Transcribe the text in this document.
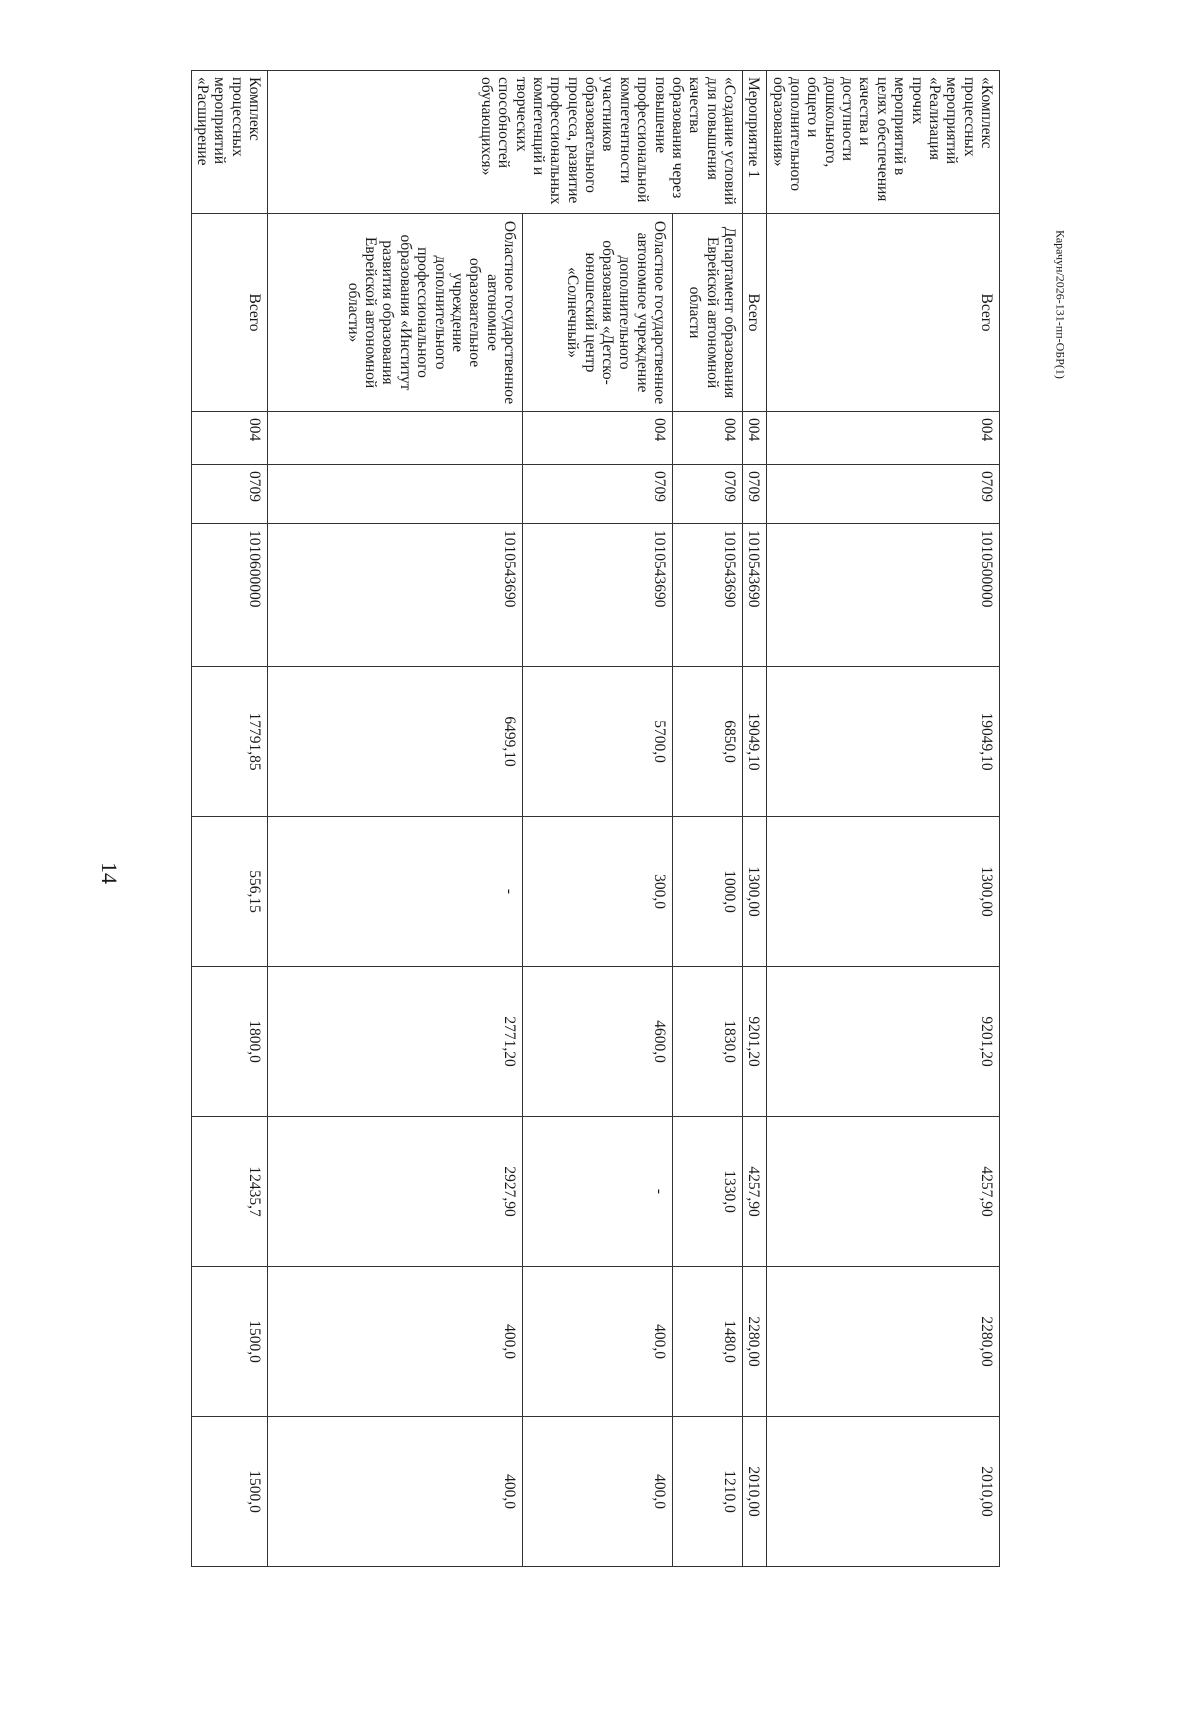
14
Карачун/2026-131-пп-ОБР(1)
«Комплекс процессных мероприятий «Реализация прочих мероприятий в целях обеспечения качества и доступности дошкольного, общего и дополнительного образования»	Всего	004	0709	1010500000	19049,10	1300,00	9201,20	4257,90	2280,00	2010,00
Мероприятие 1	Всего	004	0709	1010543690	19049,10	1300,00	9201,20	4257,90	2280,00	2010,00
«Создание условий для повышения качества образования через повышение профессиональной компетентности участников образовательного процесса, развитие профессиональных компетенций и творческих способностей обучающихся»	Департамент образования Еврейской автономной области	004	0709	1010543690	6850,0	1000,0	1830,0	1330,0	1480,0	1210,0
	Областное государственное автономное учреждение дополнительного образования «Детско-юношеский центр «Солнечный»	004	0709	1010543690	5700,0	300,0	4600,0	-	400,0	400,0
	Областное государственное автономное образовательное учреждение дополнительного профессионального образования «Институт развития образования Еврейской автономной области»			1010543690	6499,10	-	2771,20	2927,90	400,0	400,0
Комплекс процессных мероприятий «Расширение	Всего	004	0709	1010600000	17791,85	556,15	1800,0	12435,7	1500,0	1500,0
